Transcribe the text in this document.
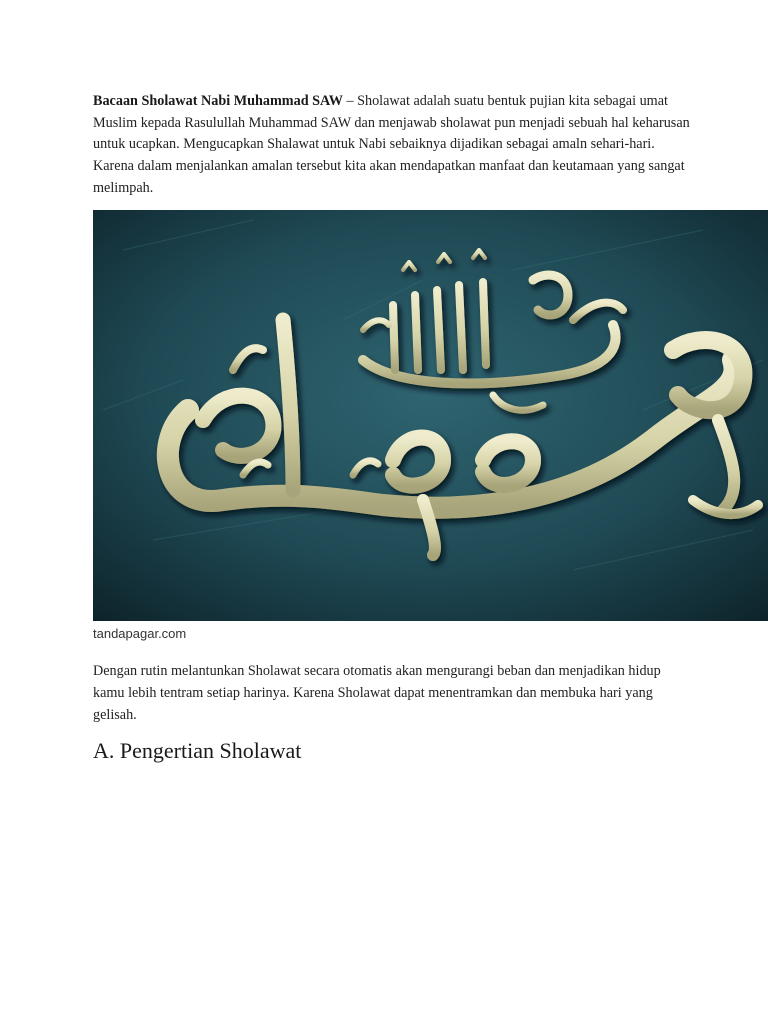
Bacaan Sholawat Nabi Muhammad SAW – Sholawat adalah suatu bentuk pujian kita sebagai umat Muslim kepada Rasulullah Muhammad SAW dan menjawab sholawat pun menjadi sebuah hal keharusan untuk ucapkan. Mengucapkan Shalawat untuk Nabi sebaiknya dijadikan sebagai amaln sehari-hari. Karena dalam menjalankan amalan tersebut kita akan mendapatkan manfaat dan keutamaan yang sangat melimpah.

tandapagar.com

Dengan rutin melantunkan Sholawat secara otomatis akan mengurangi beban dan menjadikan hidup kamu lebih tentram setiap harinya. Karena Sholawat dapat menentramkan dan membuka hari yang gelisah.

A. Pengertian Sholawat
